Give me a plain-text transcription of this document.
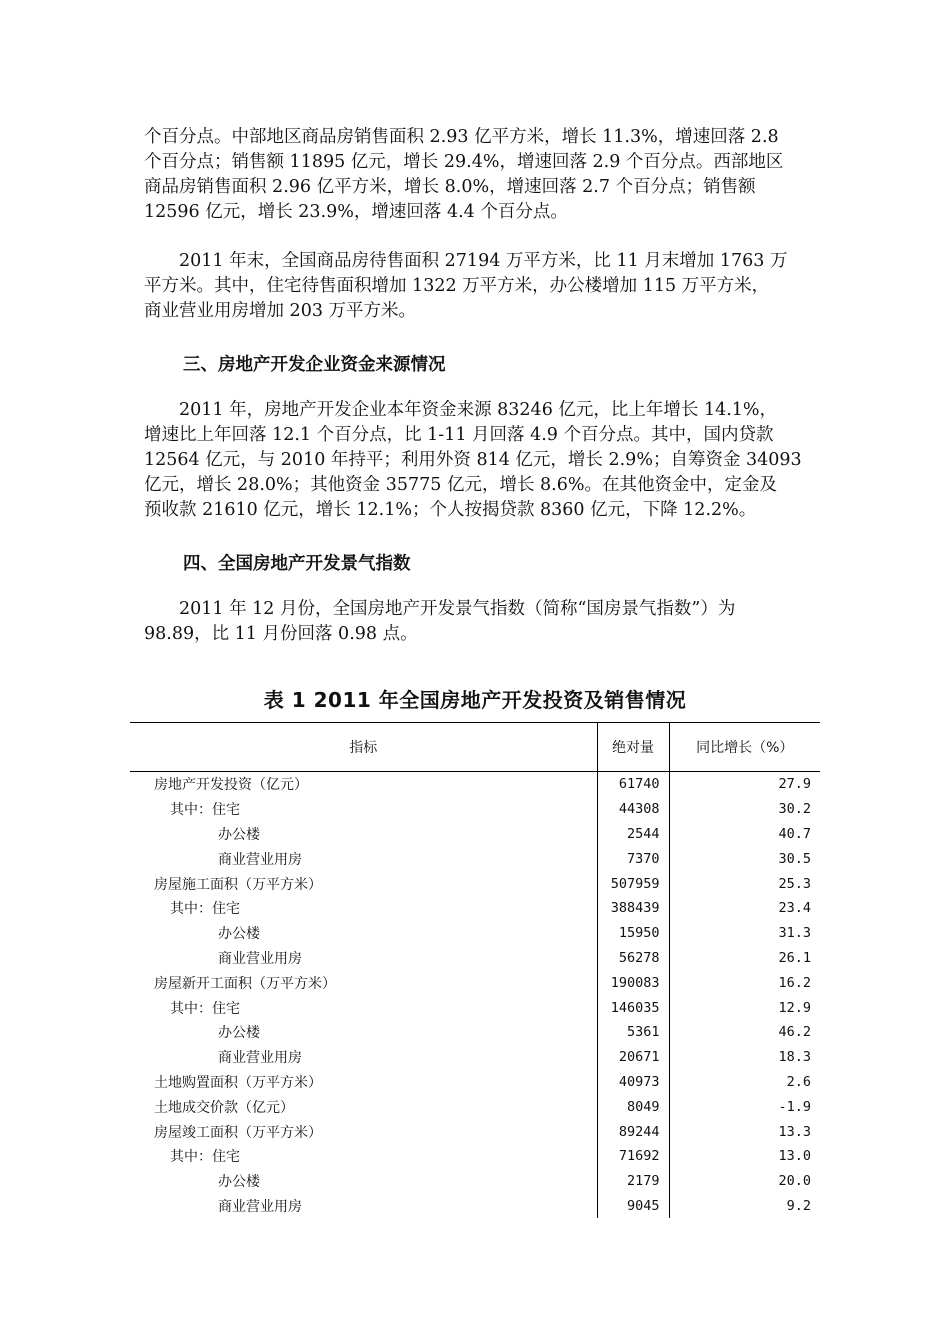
个百分点。中部地区商品房销售面积 2.93 亿平方米，增长 11.3%，增速回落 2.8
个百分点；销售额 11895 亿元，增长 29.4%，增速回落 2.9 个百分点。西部地区
商品房销售面积 2.96 亿平方米，增长 8.0%，增速回落 2.7 个百分点；销售额
12596 亿元，增长 23.9%，增速回落 4.4 个百分点。
　　2011 年末，全国商品房待售面积 27194 万平方米，比 11 月末增加 1763 万
平方米。其中，住宅待售面积增加 1322 万平方米，办公楼增加 115 万平方米，
商业营业用房增加 203 万平方米。
三、房地产开发企业资金来源情况
　　2011 年，房地产开发企业本年资金来源 83246 亿元，比上年增长 14.1%，
增速比上年回落 12.1 个百分点，比 1-11 月回落 4.9 个百分点。其中，国内贷款
12564 亿元，与 2010 年持平；利用外资 814 亿元，增长 2.9%；自筹资金 34093
亿元，增长 28.0%；其他资金 35775 亿元，增长 8.6%。在其他资金中，定金及
预收款 21610 亿元，增长 12.1%；个人按揭贷款 8360 亿元，下降 12.2%。
四、全国房地产开发景气指数
　　2011 年 12 月份，全国房地产开发景气指数（简称“国房景气指数”）为
98.89，比 11 月份回落 0.98 点。
表 1 2011 年全国房地产开发投资及销售情况
指标	绝对量	同比增长（%）
房地产开发投资（亿元）	61740	27.9
其中：住宅	44308	30.2
办公楼	2544	40.7
商业营业用房	7370	30.5
房屋施工面积（万平方米）	507959	25.3
其中：住宅	388439	23.4
办公楼	15950	31.3
商业营业用房	56278	26.1
房屋新开工面积（万平方米）	190083	16.2
其中：住宅	146035	12.9
办公楼	5361	46.2
商业营业用房	20671	18.3
土地购置面积（万平方米）	40973	2.6
土地成交价款（亿元）	8049	-1.9
房屋竣工面积（万平方米）	89244	13.3
其中：住宅	71692	13.0
办公楼	2179	20.0
商业营业用房	9045	9.2
